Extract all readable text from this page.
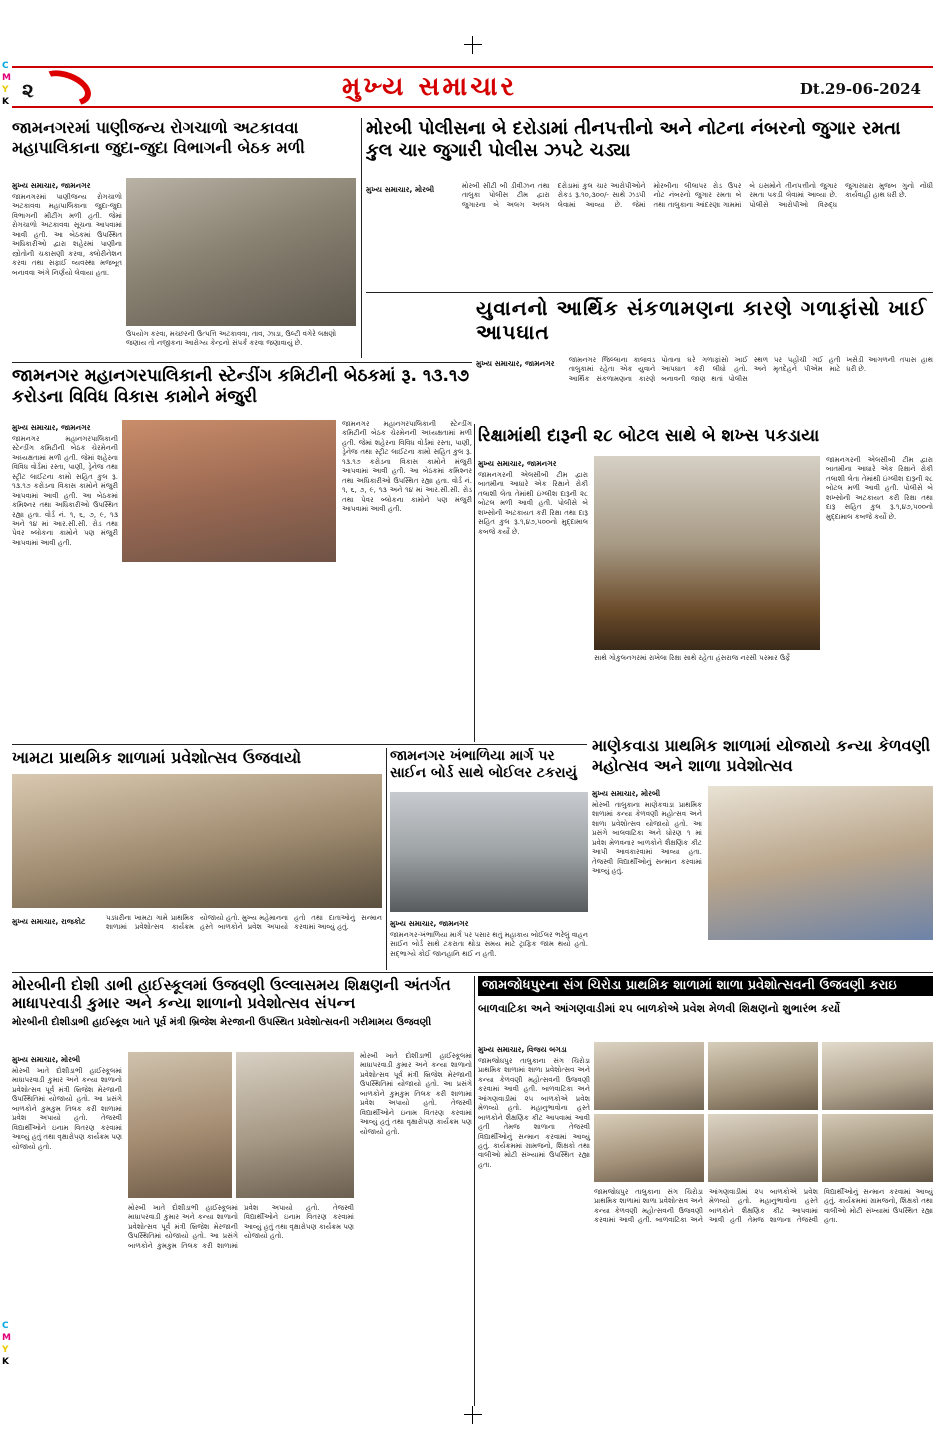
C
M
Y
K
C
M
Y
K
૨	મુખ્ય સમાચાર	Dt.29-06-2024
જામનગરમાં પાણીજન્ય રોગચાળો અટકાવવા મહાપાલિકાના જુદા-જુદા વિભાગની બેઠક મળી
મુખ્ય સમાચાર, જામનગર
જામનગરમાં પાણીજન્ય રોગચાળો અટકાવવા મહાપાલિકાના જુદા-જુદા વિભાગની મીટીંગ મળી હતી. જેમાં રોગચાળો અટકાવવા સૂચના આપવામાં આવી હતી. આ બેઠકમાં ઉપસ્થિત અધિકારીઓ દ્વારા શહેરમાં પાણીના સ્ત્રોતોની ચકાસણી કરવા, ક્લોરીનેશન કરવા તથા સફાઈ વ્યવસ્થા મજબૂત બનાવવા અંગે નિર્ણયો લેવાયા હતા.
ઉપયોગ કરવા, મચ્છરની ઉત્પત્તિ અટકાવવા, તાવ, ઝાડા, ઉલ્ટી વગેરે લક્ષણો જણાય તો નજીકના આરોગ્ય કેન્દ્રનો સંપર્ક કરવા જણાવાયું છે.
મોરબી પોલીસના બે દરોડામાં તીનપત્તીનો અને નોટના નંબરનો જુગાર રમતા કુલ ચાર જુગારી પોલીસ ઝપટે ચડ્યા
મુખ્ય સમાચાર, મોરબી	મોરબી સીટી બી ડીવીઝન તથા તાલુકા પોલીસ ટીમ દ્વારા જુગારના બે અલગ અલગ દરોડામાં કુલ ચાર આરોપીઓને રોકડ રૂ.૧૦,૩૦૦/- સાથે ઝડપી લેવામાં આવ્યા છે. જેમાં મોરબીના લીલાપર રોડ ઉપર નોટ નંબરનો જુગાર રમતા બે તથા તાલુકાના આંદરણા ગામમાં બે ઇસમોને તીનપત્તીનો જુગાર રમતા પકડી લેવામાં આવ્યા છે. પોલીસે આરોપીઓ વિરુદ્ધ જુગારધારા મુજબ ગુનો નોંધી કાર્યવાહી હાથ ધરી છે.
યુવાનનો આર્થિક સંકળામણના કારણે ગળાફાંસો ખાઈ આપઘાત
મુખ્ય સમાચાર, જામનગર	જામનગર જિલ્લાના કાલાવડ તાલુકામાં રહેતા એક યુવાને આર્થિક સંકળામણના કારણે પોતાના ઘરે ગળાફાંસો ખાઈ આપઘાત કરી લીધો હતો. બનાવની જાણ થતાં પોલીસ સ્થળ પર પહોંચી ગઈ હતી અને મૃતદેહને પીએમ માટે ખસેડી આગળની તપાસ હાથ ધરી છે.
જામનગર મહાનગરપાલિકાની સ્ટેન્ડીંગ કમિટીની બેઠકમાં રૂ. ૧૩.૧૭ કરોડના વિવિધ વિકાસ કામોને મંજુરી
મુખ્ય સમાચાર, જામનગર
જામનગર મહાનગરપાલિકાની સ્ટેન્ડીંગ કમિટીની બેઠક ચેરમેનની અધ્યક્ષતામાં મળી હતી. જેમાં શહેરના વિવિધ વોર્ડમાં રસ્તા, પાણી, ડ્રેનેજ તથા સ્ટ્રીટ લાઈટના કામો સહિત કુલ રૂ. ૧૩.૧૭ કરોડના વિકાસ કામોને મંજુરી આપવામાં આવી હતી. આ બેઠકમાં કમિશ્નર તથા અધિકારીઓ ઉપસ્થિત રહ્યા હતા. વોર્ડ નં. ૧, ૬, ૭, ૯, ૧૩ અને ૧૪ માં આર.સી.સી. રોડ તથા પેવર બ્લોકના કામોને પણ મંજુરી આપવામાં આવી હતી.
જામનગર મહાનગરપાલિકાની સ્ટેન્ડીંગ કમિટીની બેઠક ચેરમેનની અધ્યક્ષતામાં મળી હતી. જેમાં શહેરના વિવિધ વોર્ડમાં રસ્તા, પાણી, ડ્રેનેજ તથા સ્ટ્રીટ લાઈટના કામો સહિત કુલ રૂ. ૧૩.૧૭ કરોડના વિકાસ કામોને મંજુરી આપવામાં આવી હતી. આ બેઠકમાં કમિશ્નર તથા અધિકારીઓ ઉપસ્થિત રહ્યા હતા. વોર્ડ નં. ૧, ૬, ૭, ૯, ૧૩ અને ૧૪ માં આર.સી.સી. રોડ તથા પેવર બ્લોકના કામોને પણ મંજુરી આપવામાં આવી હતી.
રિક્ષામાંથી દારૂની ૨૮ બોટલ સાથે બે શખ્સ પકડાયા
મુખ્ય સમાચાર, જામનગર
જામનગરની એલસીબી ટીમ દ્વારા બાતમીના આધારે એક રિક્ષાને રોકી તલાશી લેતા તેમાંથી ઇંગ્લીશ દારૂની ૨૮ બોટલ મળી આવી હતી. પોલીસે બે શખ્સોની અટકાયત કરી રિક્ષા તથા દારૂ સહિત કુલ રૂ.૧,૪૭,૫૦૦નો મુદ્દામાલ કબજે કર્યો છે.
સાથે ગોકુલનગરમાં રાખેલા રિક્ષા સાથે રહેતા હંસરાજ નરસી પરમાર ઉર્ફે
જામનગરની એલસીબી ટીમ દ્વારા બાતમીના આધારે એક રિક્ષાને રોકી તલાશી લેતા તેમાંથી ઇંગ્લીશ દારૂની ૨૮ બોટલ મળી આવી હતી. પોલીસે બે શખ્સોની અટકાયત કરી રિક્ષા તથા દારૂ સહિત કુલ રૂ.૧,૪૭,૫૦૦નો મુદ્દામાલ કબજે કર્યો છે.
માણેકવાડા પ્રાથમિક શાળામાં યોજાયો કન્યા કેળવણી મહોત્સવ અને શાળા પ્રવેશોત્સવ
મુખ્ય સમાચાર, મોરબી
મોરબી તાલુકાના માણેકવાડા પ્રાથમિક શાળામાં કન્યા કેળવણી મહોત્સવ અને શાળા પ્રવેશોત્સવ યોજાયો હતો. આ પ્રસંગે બાલવાટિકા અને ધોરણ ૧ માં પ્રવેશ મેળવનાર બાળકોને શૈક્ષણિક કીટ આપી આવકારવામાં આવ્યા હતા. તેજસ્વી વિદ્યાર્થીઓનું સન્માન કરવામાં આવ્યું હતું.
ખામટા પ્રાથમિક શાળામાં પ્રવેશોત્સવ ઉજવાયો
મુખ્ય સમાચાર, રાજકોટ	પડધરીના ખામટા ગામે પ્રાથમિક શાળામાં પ્રવેશોત્સવ કાર્યક્રમ યોજાયો હતો. મુખ્ય મહેમાનના હસ્તે બાળકોને પ્રવેશ અપાયો હતો તથા દાતાઓનું સન્માન કરવામાં આવ્યું હતું.
જામનગર ખંભાળિયા માર્ગ પર સાઈન બોર્ડ સાથે બોઈલર ટકરાયું
મુખ્ય સમાચાર, જામનગર
જામનગર-ખંભાળિયા માર્ગ પર પસાર થતું મહાકાય બોઈલર ભરેલું વાહન સાઈન બોર્ડ સાથે ટકરાતા થોડા સમય માટે ટ્રાફિક જામ થયો હતો. સદ્ભાગ્યે કોઈ જાનહાનિ થઈ ન હતી.
મોરબીની દોશી ડાભી હાઈસ્કૂલમાં ઉજવણી ઉલ્લાસમય શિક્ષણની અંતર્ગત માધાપરવાડી કુમાર અને કન્યા શાળાનો પ્રવેશોત્સવ સંપન્ન
મોરબીની દોશીડાભી હાઈસ્કૂલ ખાતે પૂર્વ મંત્રી બ્રિજેશ મેરજાની ઉપસ્થિત પ્રવેશોત્સવની ગરીમામય ઉજવણી
મુખ્ય સમાચાર, મોરબી
મોરબી ખાતે દોશીડાભી હાઈસ્કૂલમાં માધાપરવાડી કુમાર અને કન્યા શાળાનો પ્રવેશોત્સવ પૂર્વ મંત્રી બ્રિજેશ મેરજાની ઉપસ્થિતિમાં યોજાયો હતો. આ પ્રસંગે બાળકોને કુમકુમ તિલક કરી શાળામાં પ્રવેશ અપાયો હતો. તેજસ્વી વિદ્યાર્થીઓને ઇનામ વિતરણ કરવામાં આવ્યું હતું તથા વૃક્ષારોપણ કાર્યક્રમ પણ યોજાયો હતો.
મોરબી ખાતે દોશીડાભી હાઈસ્કૂલમાં માધાપરવાડી કુમાર અને કન્યા શાળાનો પ્રવેશોત્સવ પૂર્વ મંત્રી બ્રિજેશ મેરજાની ઉપસ્થિતિમાં યોજાયો હતો. આ પ્રસંગે બાળકોને કુમકુમ તિલક કરી શાળામાં પ્રવેશ અપાયો હતો. તેજસ્વી વિદ્યાર્થીઓને ઇનામ વિતરણ કરવામાં આવ્યું હતું તથા વૃક્ષારોપણ કાર્યક્રમ પણ યોજાયો હતો.
મોરબી ખાતે દોશીડાભી હાઈસ્કૂલમાં માધાપરવાડી કુમાર અને કન્યા શાળાનો પ્રવેશોત્સવ પૂર્વ મંત્રી બ્રિજેશ મેરજાની ઉપસ્થિતિમાં યોજાયો હતો. આ પ્રસંગે બાળકોને કુમકુમ તિલક કરી શાળામાં પ્રવેશ અપાયો હતો. તેજસ્વી વિદ્યાર્થીઓને ઇનામ વિતરણ કરવામાં આવ્યું હતું તથા વૃક્ષારોપણ કાર્યક્રમ પણ યોજાયો હતો.
જામજોધપુરના સંગ ચિરોડા પ્રાથમિક શાળામાં શાળા પ્રવેશોત્સવની ઉજવણી કરાઇ
બાળવાટિકા અને આંગણવાડીમાં ૨૫ બાળકોએ પ્રવેશ મેળવી શિક્ષણનો શુભારંભ કર્યો
મુખ્ય સમાચાર, વિજય બગડા
જામજોધપુર તાલુકાના સંગ ચિરોડા પ્રાથમિક શાળામાં શાળા પ્રવેશોત્સવ અને કન્યા કેળવણી મહોત્સવની ઉજવણી કરવામાં આવી હતી. બાળવાટિકા અને આંગણવાડીમાં ૨૫ બાળકોએ પ્રવેશ મેળવ્યો હતો. મહાનુભાવોના હસ્તે બાળકોને શૈક્ષણિક કીટ આપવામાં આવી હતી તેમજ શાળાના તેજસ્વી વિદ્યાર્થીઓનું સન્માન કરવામાં આવ્યું હતું. કાર્યક્રમમાં ગ્રામજનો, શિક્ષકો તથા વાલીઓ મોટી સંખ્યામાં ઉપસ્થિત રહ્યા હતા.
જામજોધપુર તાલુકાના સંગ ચિરોડા પ્રાથમિક શાળામાં શાળા પ્રવેશોત્સવ અને કન્યા કેળવણી મહોત્સવની ઉજવણી કરવામાં આવી હતી. બાળવાટિકા અને આંગણવાડીમાં ૨૫ બાળકોએ પ્રવેશ મેળવ્યો હતો. મહાનુભાવોના હસ્તે બાળકોને શૈક્ષણિક કીટ આપવામાં આવી હતી તેમજ શાળાના તેજસ્વી વિદ્યાર્થીઓનું સન્માન કરવામાં આવ્યું હતું. કાર્યક્રમમાં ગ્રામજનો, શિક્ષકો તથા વાલીઓ મોટી સંખ્યામાં ઉપસ્થિત રહ્યા હતા.
